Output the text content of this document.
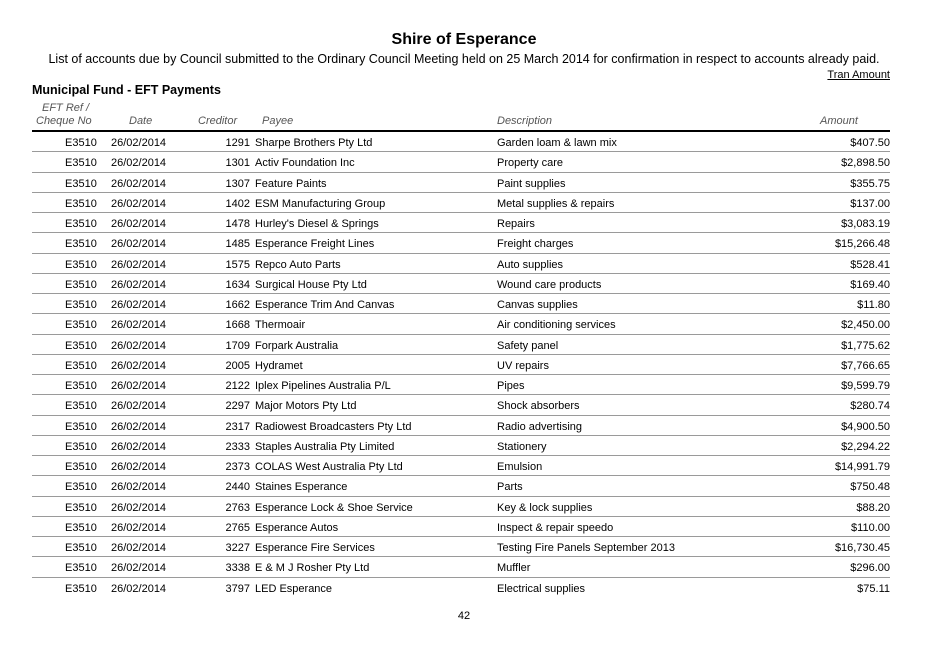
Shire of Esperance
List of accounts due by Council submitted to the Ordinary Council Meeting held on 25 March 2014 for confirmation in respect to accounts already paid.
Tran Amount
Municipal Fund - EFT Payments
EFT Ref /
Cheque No	Date	Creditor Payee	Description	Amount
E3510 26/02/2014	1291 Sharpe Brothers Pty Ltd	Garden loam & lawn mix	$407.50
E3510 26/02/2014	1301 Activ Foundation Inc	Property care	$2,898.50
E3510 26/02/2014	1307 Feature Paints	Paint supplies	$355.75
E3510 26/02/2014	1402 ESM Manufacturing Group	Metal supplies & repairs	$137.00
E3510 26/02/2014	1478 Hurley's Diesel & Springs	Repairs	$3,083.19
E3510 26/02/2014	1485 Esperance Freight Lines	Freight charges	$15,266.48
E3510 26/02/2014	1575 Repco Auto Parts	Auto supplies	$528.41
E3510 26/02/2014	1634 Surgical House Pty Ltd	Wound care products	$169.40
E3510 26/02/2014	1662 Esperance Trim And Canvas	Canvas supplies	$11.80
E3510 26/02/2014	1668 Thermoair	Air conditioning services	$2,450.00
E3510 26/02/2014	1709 Forpark Australia	Safety panel	$1,775.62
E3510 26/02/2014	2005 Hydramet	UV repairs	$7,766.65
E3510 26/02/2014	2122 Iplex Pipelines Australia P/L	Pipes	$9,599.79
E3510 26/02/2014	2297 Major Motors Pty Ltd	Shock absorbers	$280.74
E3510 26/02/2014	2317 Radiowest Broadcasters Pty Ltd	Radio advertising	$4,900.50
E3510 26/02/2014	2333 Staples Australia Pty Limited	Stationery	$2,294.22
E3510 26/02/2014	2373 COLAS West Australia Pty Ltd	Emulsion	$14,991.79
E3510 26/02/2014	2440 Staines Esperance	Parts	$750.48
E3510 26/02/2014	2763 Esperance Lock & Shoe Service	Key & lock supplies	$88.20
E3510 26/02/2014	2765 Esperance Autos	Inspect & repair speedo	$110.00
E3510 26/02/2014	3227 Esperance Fire Services	Testing Fire Panels September 2013	$16,730.45
E3510 26/02/2014	3338 E & M J Rosher Pty Ltd	Muffler	$296.00
E3510 26/02/2014	3797 LED Esperance	Electrical supplies	$75.11
42
